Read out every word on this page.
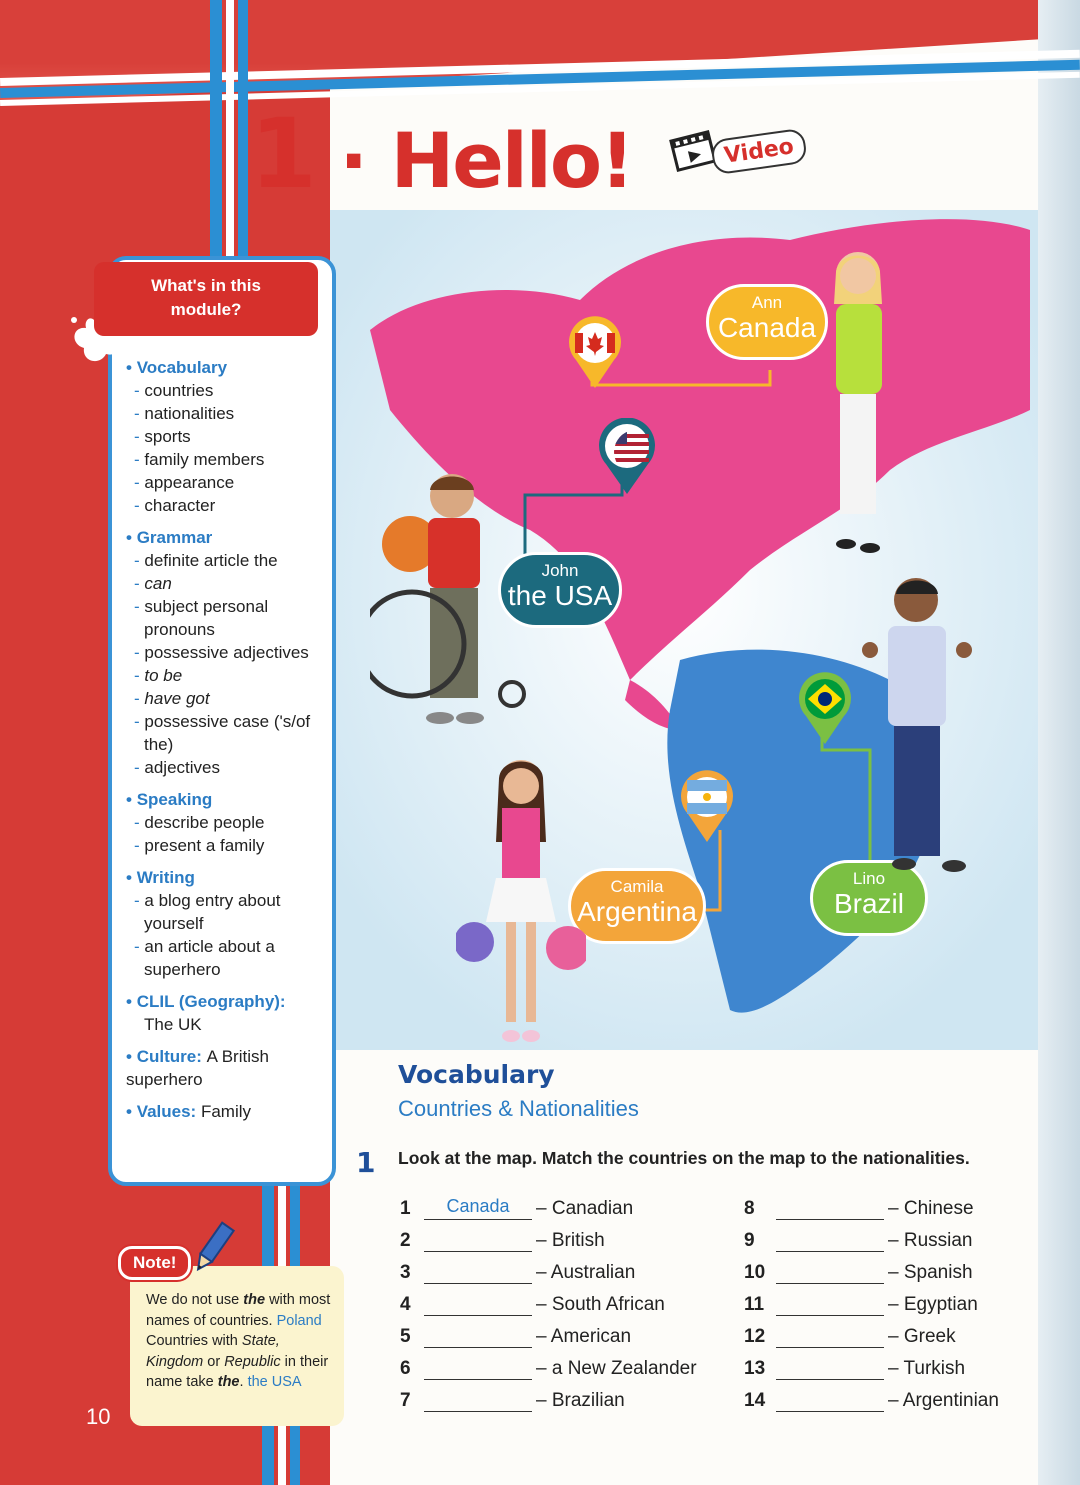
1 · Hello!	Video
Ann
Canada
John
the USA
Camila
Argentina
Lino
Brazil
What's in this
module?
• Vocabulary
- countries
- nationalities
- sports
- family members
- appearance
- character
• Grammar
- definite article the
- can
- subject personal pronouns
- possessive adjectives
- to be
- have got
- possessive case ('s/of the)
- adjectives
• Speaking
- describe people
- present a family
• Writing
- a blog entry about yourself
- an article about a superhero
• CLIL (Geography):
The UK
• Culture: A British superhero
• Values: Family
We do not use the with most names of countries. Poland Countries with State, Kingdom or Republic in their name take the. the USA
Note!
10
Vocabulary
Countries & Nationalities
1 Look at the map. Match the countries on the map to the nationalities.
1	Canada	– Canadian
2	– British
3	– Australian
4	– South African
5	– American
6	– a New Zealander
7	– Brazilian
8	– Chinese
9	– Russian
10	– Spanish
11	– Egyptian
12	– Greek
13	– Turkish
14	– Argentinian
